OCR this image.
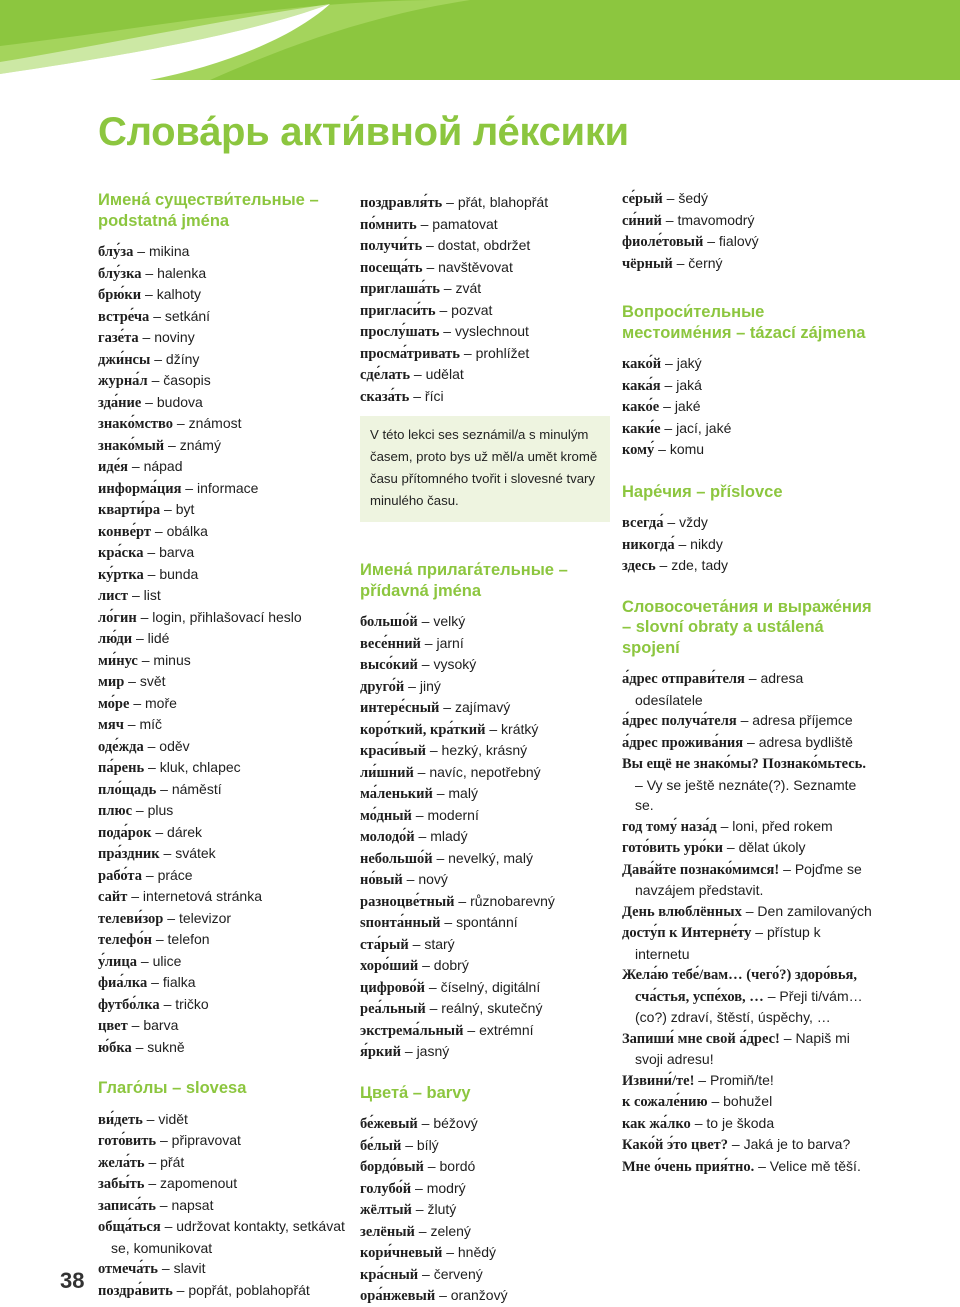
Слова́рь акти́вной ле́ксики
Имена́ существи́тельные – podstatná jména
блу́за – mikina
блу́зка – halenka
брю́ки – kalhoty
встре́ча – setkání
газе́та – noviny
джи́нсы – džíny
журна́л – časopis
зда́ние – budova
знако́мство – známost
знако́мый – známý
иде́я – nápad
информа́ция – informace
кварти́ра – byt
конве́рт – obálka
кра́ска – barva
ку́ртка – bunda
лист – list
ло́гин – login, přihlašovací heslo
лю́ди – lidé
ми́нус – minus
мир – svět
мо́ре – moře
мяч – míč
оде́жда – oděv
па́рень – kluk, chlapec
пло́щадь – náměstí
плюс – plus
пода́рок – dárek
пра́здник – svátek
рабо́та – práce
сайт – internetová stránka
телеви́зор – televizor
телефо́н – telefon
у́лица – ulice
фиа́лка – fialka
футбо́лка – tričko
цвет – barva
ю́бка – sukně
Глаго́лы – slovesa
ви́деть – vidět
гото́вить – připravovat
жела́ть – přát
забы́ть – zapomenout
записа́ть – napsat
обща́ться – udržovat kontakty, setkávat se, komunikovat
отмеча́ть – slavit
поздра́вить – popřát, poblahopřát
поздравля́ть – přát, blahopřát
по́мнить – pamatovat
получи́ть – dostat, obdržet
посеща́ть – navštěvovat
приглаша́ть – zvát
пригласи́ть – pozvat
прослу́шать – vyslechnout
просма́тривать – prohlížet
сде́лать – udělat
сказа́ть – říci
V této lekci ses seznámil/a s minulým časem, proto bys už měl/a umět kromě času přítomného tvořit i slovesné tvary minulého času.
Имена́ прилага́тельные – přídavná jména
большо́й – velký
весе́нний – jarní
высо́кий – vysoký
друго́й – jiný
интере́сный – zajímavý
коро́ткий, кра́ткий – krátký
краси́вый – hezký, krásný
ли́шний – navíc, nepotřebný
ма́ленький – malý
мо́дный – moderní
молодо́й – mladý
небольшо́й – nevelký, malý
но́вый – nový
разноцве́тный – různobarevný
sпонта́нный – spontánní
ста́рый – starý
хоро́ший – dobrý
цифрово́й – číselný, digitální
реа́льный – reálný, skutečný
экстрема́льный – extrémní
я́ркий – jasný
Цвета́ – barvy
бе́жевый – béžový
бе́лый – bílý
бордо́вый – bordó
голубо́й – modrý
жёлтый – žlutý
зелёный – zelený
кори́чневый – hnědý
кра́сный – červený
ора́нжевый – oranžový
се́рый – šedý
си́ний – tmavomodrý
фиоле́товый – fialový
чёрный – černý
Вопроси́тельные местоиме́ния – tázací zájmena
како́й – jaký
кака́я – jaká
како́е – jaké
каки́е – jací, jaké
кому́ – komu
Наре́чия – příslovce
всегда́ – vždy
никогда́ – nikdy
здесь – zde, tady
Словосочета́ния и выраже́ния – slovní obraty a ustálená spojení
а́дрес отправи́теля – adresa odesílatele
а́дрес получа́теля – adresa příjemce
а́дрес прожива́ния – adresa bydliště
Вы ещё не знако́мы? Познако́мьтесь. – Vy se ještě neznáte(?). Seznamte se.
год тому́ наза́д – loni, před rokem
гото́вить уро́ки – dělat úkoly
Дава́йте познако́мимся! – Pojďme se navzájem představit.
День влюблённых – Den zamilovaných
досту́п к Интерне́ту – přístup k internetu
Жела́ю тебе́/вам… (чего́?) здоро́вья, сча́стья, успе́хов, … – Přeji ti/vám… (co?) zdraví, štěstí, úspěchy, …
Запиши́ мне свой а́дрес! – Napiš mi svoji adresu!
Извини́/те! – Promiň/te!
к сожале́нию – bohužel
как жа́лко – to je škoda
Како́й э́то цвет? – Jaká je to barva?
Мне о́чень прия́тно. – Velice mě těší.
38
